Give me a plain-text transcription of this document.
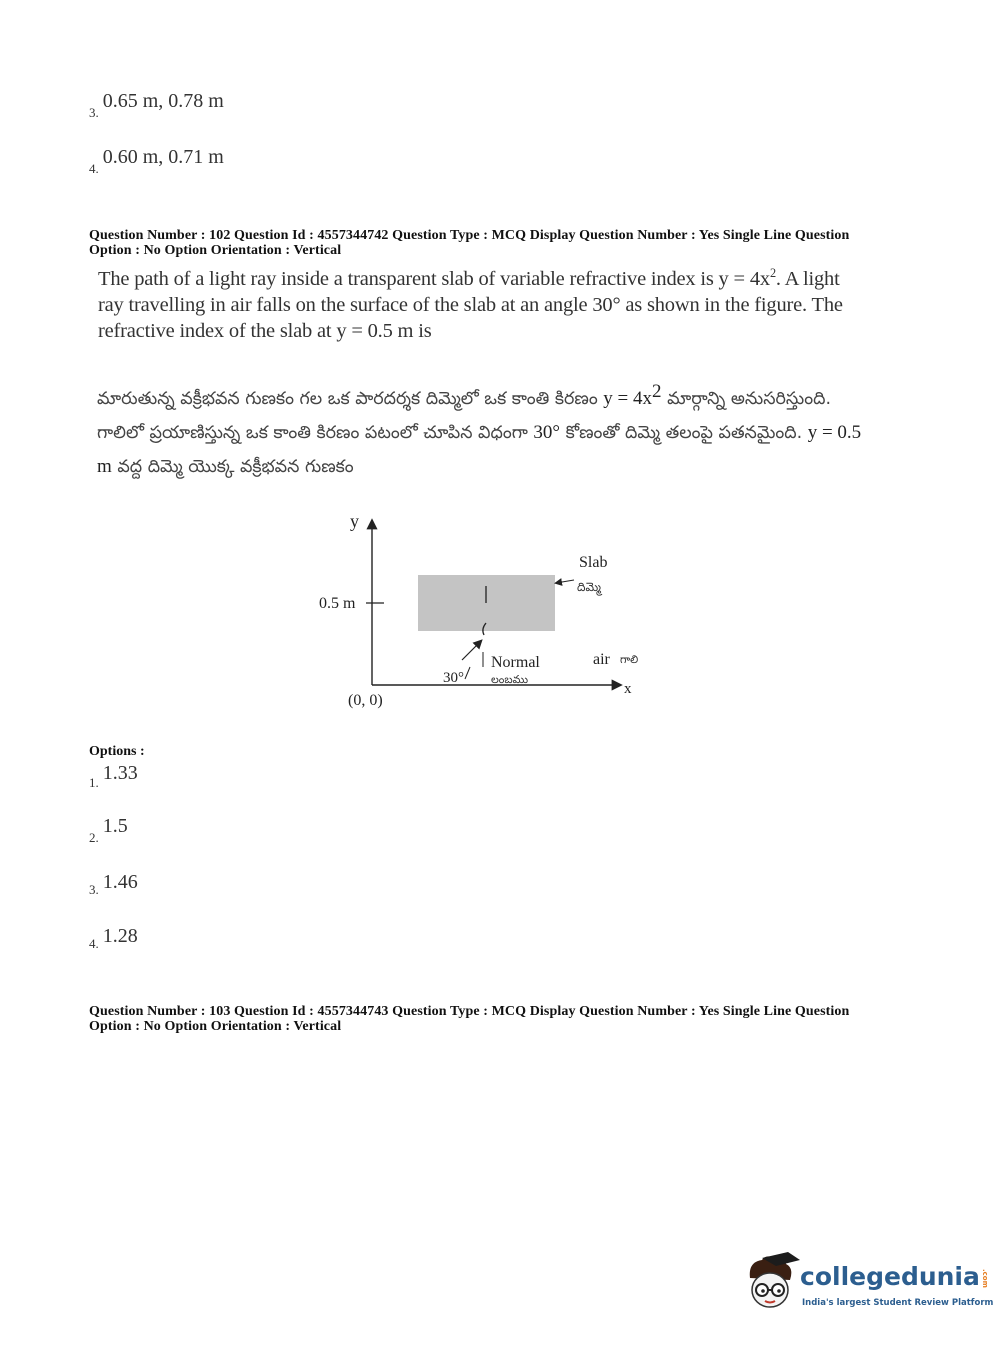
$_{3.}$ 0.65 m, 0.78 m
$_{4.}$ 0.60 m, 0.71 m
Question Number : 102 Question Id : 4557344742 Question Type : MCQ Display Question Number : Yes Single Line Question
Option : No Option Orientation : Vertical
The path of a light ray inside a transparent slab of variable refractive index is $y = 4x^2$. A light ray travelling in air falls on the surface of the slab at an angle 30° as shown in the figure. The refractive index of the slab at y = 0.5 m is
మారుతున్న వక్రీభవన గుణకం గల ఒక పారదర్శక దిమ్మెలో ఒక కాంతి కిరణం $y = 4x^2$ మార్గాన్ని అనుసరిస్తుంది. గాలిలో ప్రయాణిస్తున్న ఒక కాంతి కిరణం పటంలో చూపిన విధంగా 30° కోణంతో దిమ్మె తలంపై పతనమైంది. y = 0.5 m వద్ద దిమ్మె యొక్క వక్రీభవన గుణకం
y
x
(0, 0)
0.5 m
Slab
దిమ్మె
Normal
లంబము
30°
air గాలి
Options :
$_{1.}$ 1.33
$_{2.}$ 1.5
$_{3.}$ 1.46
$_{4.}$ 1.28
Question Number : 103 Question Id : 4557344743 Question Type : MCQ Display Question Number : Yes Single Line Question
Option : No Option Orientation : Vertical
collegedunia.com
India's largest Student Review Platform
